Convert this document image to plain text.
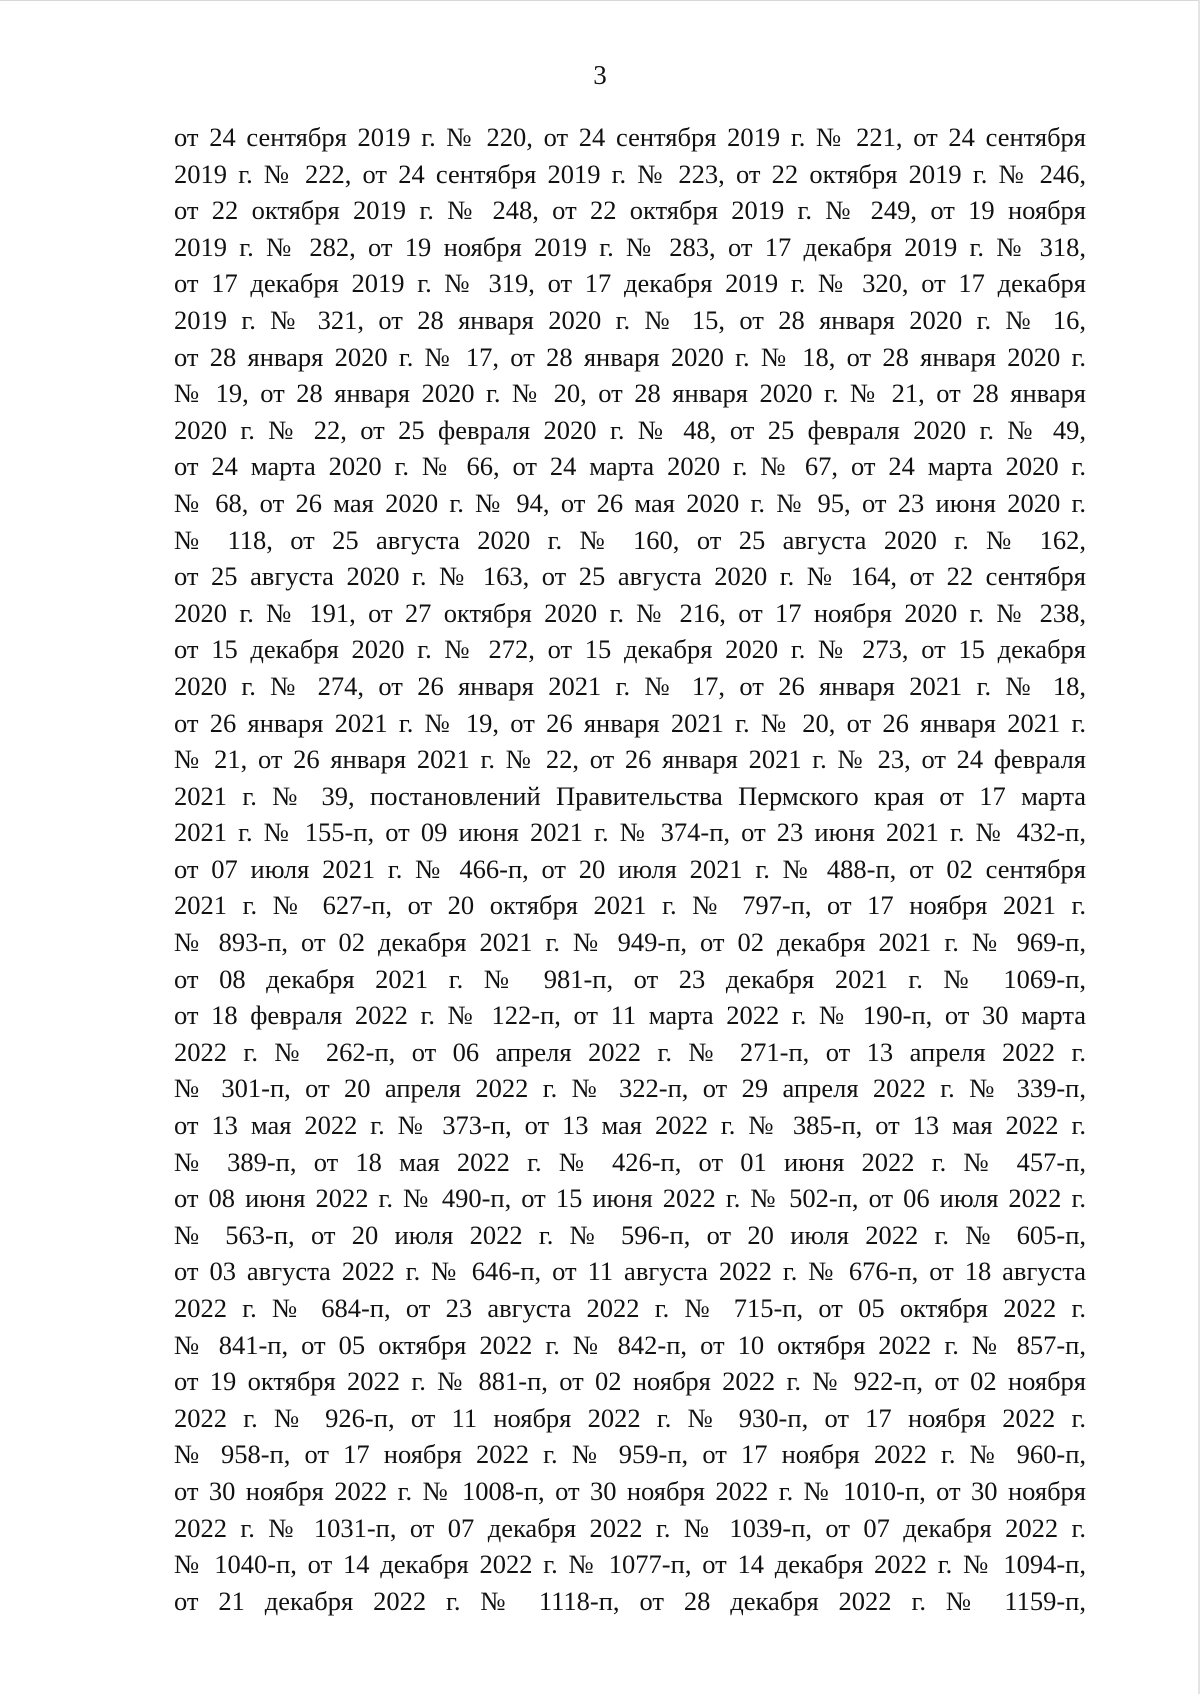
3
от 24 сентября 2019 г. № 220, от 24 сентября 2019 г. № 221, от 24 сентября
2019 г. № 222, от 24 сентября 2019 г. № 223, от 22 октября 2019 г. № 246,
от 22 октября 2019 г. № 248, от 22 октября 2019 г. № 249, от 19 ноября
2019 г. № 282, от 19 ноября 2019 г. № 283, от 17 декабря 2019 г. № 318,
от 17 декабря 2019 г. № 319, от 17 декабря 2019 г. № 320, от 17 декабря
2019 г. № 321, от 28 января 2020 г. № 15, от 28 января 2020 г. № 16,
от 28 января 2020 г. № 17, от 28 января 2020 г. № 18, от 28 января 2020 г.
№ 19, от 28 января 2020 г. № 20, от 28 января 2020 г. № 21, от 28 января
2020 г. № 22, от 25 февраля 2020 г. № 48, от 25 февраля 2020 г. № 49,
от 24 марта 2020 г. № 66, от 24 марта 2020 г. № 67, от 24 марта 2020 г.
№ 68, от 26 мая 2020 г. № 94, от 26 мая 2020 г. № 95, от 23 июня 2020 г.
№ 118, от 25 августа 2020 г. № 160, от 25 августа 2020 г. № 162,
от 25 августа 2020 г. № 163, от 25 августа 2020 г. № 164, от 22 сентября
2020 г. № 191, от 27 октября 2020 г. № 216, от 17 ноября 2020 г. № 238,
от 15 декабря 2020 г. № 272, от 15 декабря 2020 г. № 273, от 15 декабря
2020 г. № 274, от 26 января 2021 г. № 17, от 26 января 2021 г. № 18,
от 26 января 2021 г. № 19, от 26 января 2021 г. № 20, от 26 января 2021 г.
№ 21, от 26 января 2021 г. № 22, от 26 января 2021 г. № 23, от 24 февраля
2021 г. № 39, постановлений Правительства Пермского края от 17 марта
2021 г. № 155-п, от 09 июня 2021 г. № 374-п, от 23 июня 2021 г. № 432-п,
от 07 июля 2021 г. № 466-п, от 20 июля 2021 г. № 488-п, от 02 сентября
2021 г. № 627-п, от 20 октября 2021 г. № 797-п, от 17 ноября 2021 г.
№ 893-п, от 02 декабря 2021 г. № 949-п, от 02 декабря 2021 г. № 969-п,
от 08 декабря 2021 г. № 981-п, от 23 декабря 2021 г. № 1069-п,
от 18 февраля 2022 г. № 122-п, от 11 марта 2022 г. № 190-п, от 30 марта
2022 г. № 262-п, от 06 апреля 2022 г. № 271-п, от 13 апреля 2022 г.
№ 301-п, от 20 апреля 2022 г. № 322-п, от 29 апреля 2022 г. № 339-п,
от 13 мая 2022 г. № 373-п, от 13 мая 2022 г. № 385-п, от 13 мая 2022 г.
№ 389-п, от 18 мая 2022 г. № 426-п, от 01 июня 2022 г. № 457-п,
от 08 июня 2022 г. № 490-п, от 15 июня 2022 г. № 502-п, от 06 июля 2022 г.
№ 563-п, от 20 июля 2022 г. № 596-п, от 20 июля 2022 г. № 605-п,
от 03 августа 2022 г. № 646-п, от 11 августа 2022 г. № 676-п, от 18 августа
2022 г. № 684-п, от 23 августа 2022 г. № 715-п, от 05 октября 2022 г.
№ 841-п, от 05 октября 2022 г. № 842-п, от 10 октября 2022 г. № 857-п,
от 19 октября 2022 г. № 881-п, от 02 ноября 2022 г. № 922-п, от 02 ноября
2022 г. № 926-п, от 11 ноября 2022 г. № 930-п, от 17 ноября 2022 г.
№ 958-п, от 17 ноября 2022 г. № 959-п, от 17 ноября 2022 г. № 960-п,
от 30 ноября 2022 г. № 1008-п, от 30 ноября 2022 г. № 1010-п, от 30 ноября
2022 г. № 1031-п, от 07 декабря 2022 г. № 1039-п, от 07 декабря 2022 г.
№ 1040-п, от 14 декабря 2022 г. № 1077-п, от 14 декабря 2022 г. № 1094-п,
от 21 декабря 2022 г. № 1118-п, от 28 декабря 2022 г. № 1159-п,
